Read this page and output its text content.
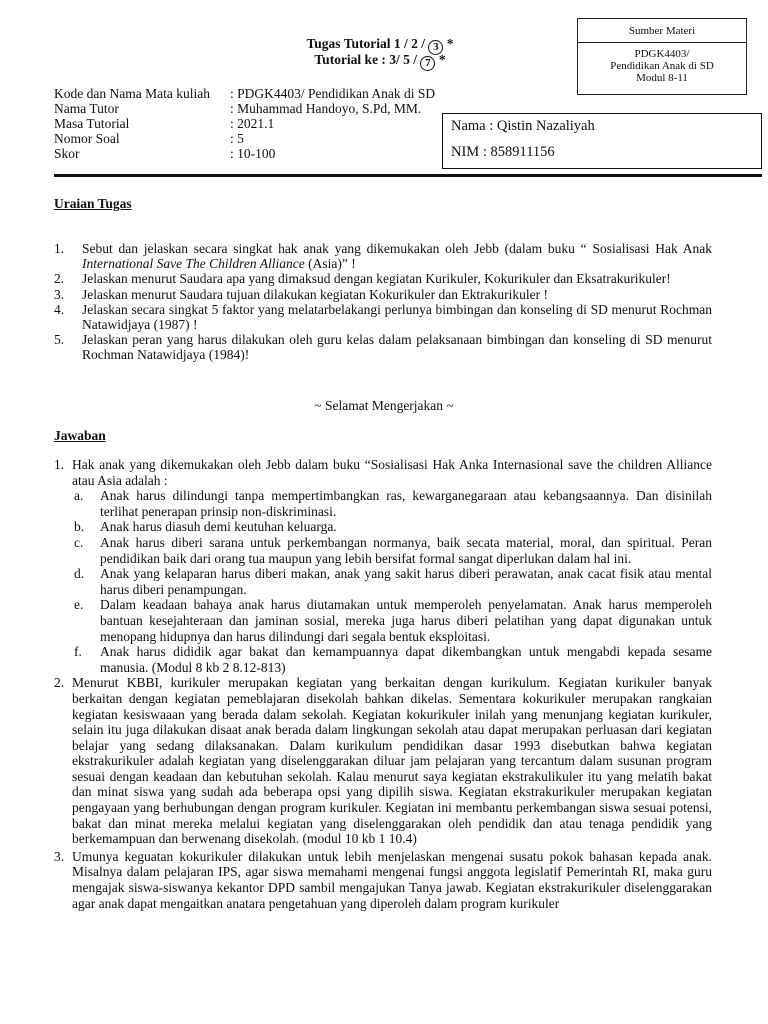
Sumber Materi
PDGK4403/
Pendidikan Anak di SD
Modul 8-11
Tugas Tutorial 1 / 2 / 3 *
Tutorial ke : 3/ 5 / 7 *
Kode dan Nama Mata kuliah : PDGK4403/ Pendidikan Anak di SD
Nama Tutor	: Muhammad Handoyo, S.Pd, MM.
Masa Tutorial	: 2021.1
Nomor Soal	: 5
Skor	: 10-100
Nama : Qistin Nazaliyah
NIM : 858911156
Uraian Tugas
1. Sebut dan jelaskan secara singkat hak anak yang dikemukakan oleh Jebb (dalam buku “ Sosialisasi Hak Anak International Save The Children Alliance (Asia)” !
2. Jelaskan menurut Saudara apa yang dimaksud dengan kegiatan Kurikuler, Kokurikuler dan Eksatrakurikuler!
3. Jelaskan menurut Saudara tujuan dilakukan kegiatan Kokurikuler dan Ektrakurikuler !
4. Jelaskan secara singkat 5 faktor yang melatarbelakangi perlunya bimbingan dan konseling di SD menurut Rochman Natawidjaya (1987) !
5. Jelaskan peran yang harus dilakukan oleh guru kelas dalam pelaksanaan bimbingan dan konseling di SD menurut Rochman Natawidjaya (1984)!
~ Selamat Mengerjakan ~
Jawaban
1. Hak anak yang dikemukakan oleh Jebb dalam buku “Sosialisasi Hak Anka Internasional save the children Alliance atau Asia adalah :
a. Anak harus dilindungi tanpa mempertimbangkan ras, kewarganegaraan atau kebangsaannya. Dan disinilah terlihat penerapan prinsip non-diskriminasi.
b. Anak harus diasuh demi keutuhan keluarga.
c. Anak harus diberi sarana untuk perkembangan normanya, baik secata material, moral, dan spiritual. Peran pendidikan baik dari orang tua maupun yang lebih bersifat formal sangat diperlukan dalam hal ini.
d. Anak yang kelaparan harus diberi makan, anak yang sakit harus diberi perawatan, anak cacat fisik atau mental harus diberi penampungan.
e. Dalam keadaan bahaya anak harus diutamakan untuk memperoleh penyelamatan. Anak harus memperoleh bantuan kesejahteraan dan jaminan sosial, mereka juga harus diberi pelatihan yang dapat digunakan untuk menopang hidupnya dan harus dilindungi dari segala bentuk eksploitasi.
f. Anak harus dididik agar bakat dan kemampuannya dapat dikembangkan untuk mengabdi kepada sesame manusia. (Modul 8 kb 2 8.12-813)
2. Menurut KBBI, kurikuler merupakan kegiatan yang berkaitan dengan kurikulum. Kegiatan kurikuler banyak berkaitan dengan kegiatan pemeblajaran disekolah bahkan dikelas. Sementara kokurikuler merupakan rangkaian kegiatan kesiswaaan yang berada dalam sekolah. Kegiatan kokurikuler inilah yang menunjang kegiatan kurikuler, selain itu juga dilakukan disaat anak berada dalam lingkungan sekolah atau dapat merupakan perluasan dari kegiatan belajar yang sedang dilaksanakan. Dalam kurikulum pendidikan dasar 1993 disebutkan bahwa kegiatan ekstrakurikuler adalah kegiatan yang diselenggarakan diluar jam pelajaran yang tercantum dalam susunan program sesuai dengan keadaan dan kebutuhan sekolah. Kalau menurut saya kegiatan ekstrakulikuler itu yang melatih bakat dan minat siswa yang sudah ada beberapa opsi yang dipilih siswa. Kegiatan ekstrakurikuler merupakan kegiatan pengayaan yang berhubungan dengan program kurikuler. Kegiatan ini membantu perkembangan siswa sesuai potensi, bakat dan minat mereka melalui kegiatan yang diselenggarakan oleh pendidik dan atau tenaga pendidik yang berkemampuan dan berwenang disekolah. (modul 10 kb 1 10.4)
3. Umunya keguatan kokurikuler dilakukan untuk lebih menjelaskan mengenai susatu pokok bahasan kepada anak. Misalnya dalam pelajaran IPS, agar siswa memahami mengenai fungsi anggota legislatif Pemerintah RI, maka guru mengajak siswa-siswanya kekantor DPD sambil mengajukan Tanya jawab. Kegiatan ekstrakurikuler diselenggarakan agar anak dapat mengaitkan anatara pengetahuan yang diperoleh dalam program kurikuler
